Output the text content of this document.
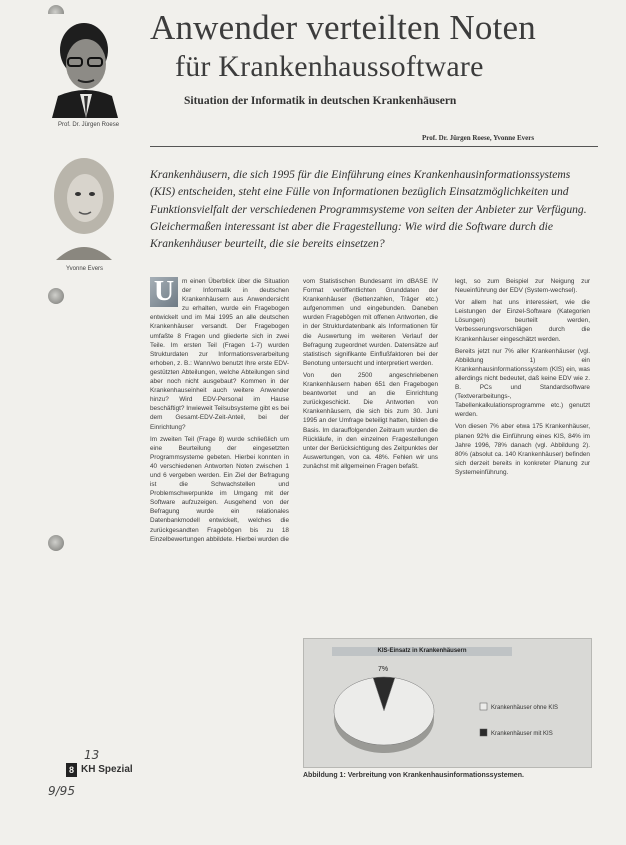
Prof. Dr. Jürgen Roese
Yvonne Evers
Anwender verteilten Noten
für Krankenhaussoftware
Situation der Informatik in deutschen Krankenhäusern
Prof. Dr. Jürgen Roese, Yvonne Evers
Krankenhäusern, die sich 1995 für die Einführung eines Krankenhausinformationssystems (KIS) entscheiden, steht eine Fülle von Informationen bezüglich Einsatzmöglichkeiten und Funktionsvielfalt der verschiedenen Programmsysteme von seiten der Anbieter zur Verfügung. Gleichermaßen interessant ist aber die Fragestellung: Wie wird die Software durch die Krankenhäuser beurteilt, die sie bereits einsetzen?

U	m einen Überblick über die Situation der Informatik in deutschen Krankenhäusern aus Anwendersicht zu erhalten, wurde ein Fragebogen entwickelt und im Mai 1995 an alle deutschen Krankenhäuser versandt. Der Fragebogen umfaßte 8 Fragen und gliederte sich in zwei Teile. Im ersten Teil (Fragen 1-7) wurden Strukturdaten zur Informationsverarbeitung erhoben, z. B.: Wann/wo benutzt Ihre erste EDV-gestützten Abteilungen, welche Abteilungen sind aber noch nicht ausgebaut? Kommen in der Krankenhauseinheit auch weitere Anwender hinzu? Wird EDV-Personal im Hause beschäftigt? Inwieweit Teilsubsysteme gibt es bei dem Gesamt-EDV-Zeit-Anteil, bei der Einrichtung?

Im zweiten Teil (Frage 8) wurde schließlich um eine Beurteilung der eingesetzten Programmsysteme gebeten. Hierbei konnten in 40 verschiedenen Antworten Noten zwischen 1 und 6 vergeben werden. Ein Ziel der Befragung ist die Schwachstellen und Problemschwerpunkte im Umgang mit der Software aufzuzeigen. Ausgehend von der Befragung wurde ein relationales Datenbankmodell entwickelt, welches die zurückgesandten Fragebögen bis zu 18 Einzelbewertungen abbildete. Hierbei wurden die

vom Statistischen Bundesamt im dBASE IV Format veröffentlichten Grunddaten der Krankenhäuser (Bettenzahlen, Träger etc.) aufgenommen und eingebunden. Daneben wurden Fragebögen mit offenen Antworten, die in der Strukturdatenbank als Informationen für die Auswertung im weiteren Verlauf der Befragung zugeordnet wurden. Datensätze auf statistisch signifikante Einflußfaktoren bei der Benotung untersucht und interpretiert werden.

Von den 2500 angeschriebenen Krankenhäusern haben 651 den Fragebogen beantwortet und an die Einrichtung zurückgeschickt. Die Antworten von Krankenhäusern, die sich bis zum 30. Juni 1995 an der Umfrage beteiligt hatten, bilden die Basis. Im darauffolgenden Zeitraum wurden die Rückläufe, in den einzelnen Fragestellungen unter der Berücksichtigung des Zeitpunktes der Auswertungen, von ca. 48%. Fehlen wir uns zunächst mit allgemeinen Fragen befaßt.

legt, so zum Beispiel zur Neigung zur Neueinführung der EDV (System-wechsel).

Vor allem hat uns interessiert, wie die Leistungen der Einzel-Software (Kategorien Lösungen) beurteilt werden, Verbesserungsvorschlägen durch die Krankenhäuser eingeschätzt werden.

Bereits jetzt nur 7% aller Krankenhäuser (vgl. Abbildung 1) ein Krankenhausinformationssystem (KIS) ein, was allerdings nicht bedeutet, daß keine EDV wie z. B. PCs und Standardsoftware (Textverarbeitungs-, Tabellenkalkulationsprogramme etc.) genutzt werden.

Von diesen 7% aber etwa 175 Krankenhäuser, planen 92% die Einführung eines KIS, 84% im Jahre 1996, 78% danach (vgl. Abbildung 2). 80% (absolut ca. 140 Krankenhäuser) befinden sich derzeit bereits in konkreter Planung zur Systemeinführung.

KIS-Einsatz in Krankenhäusern
7%
Krankenhäuser ohne KIS
Krankenhäuser mit KIS
Abbildung 1: Verbreitung von Krankenhausinformationssystemen.
8 KH Spezial
13
9/95
